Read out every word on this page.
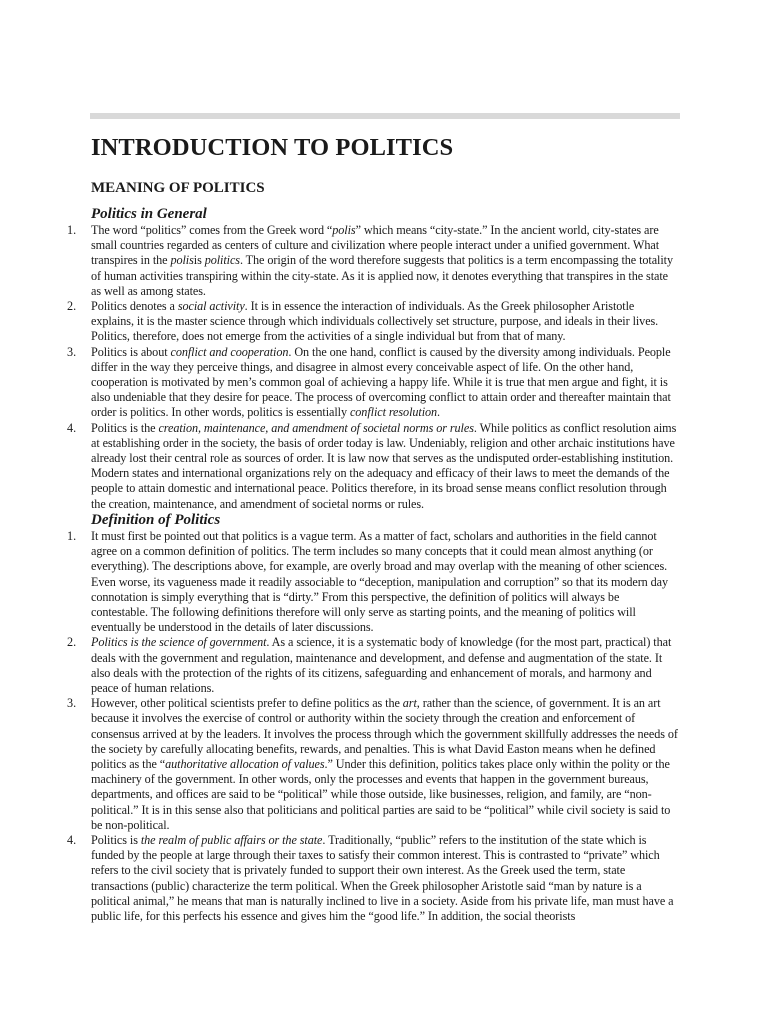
INTRODUCTION TO POLITICS
MEANING OF POLITICS
Politics in General
1. The word “politics” comes from the Greek word “polis” which means “city-state.” In the ancient world, city-states are small countries regarded as centers of culture and civilization where people interact under a unified government. What transpires in the polisis politics. The origin of the word therefore suggests that politics is a term encompassing the totality of human activities transpiring within the city-state. As it is applied now, it denotes everything that transpires in the state as well as among states.
2. Politics denotes a social activity. It is in essence the interaction of individuals. As the Greek philosopher Aristotle explains, it is the master science through which individuals collectively set structure, purpose, and ideals in their lives. Politics, therefore, does not emerge from the activities of a single individual but from that of many.
3. Politics is about conflict and cooperation. On the one hand, conflict is caused by the diversity among individuals. People differ in the way they perceive things, and disagree in almost every conceivable aspect of life. On the other hand, cooperation is motivated by men’s common goal of achieving a happy life. While it is true that men argue and fight, it is also undeniable that they desire for peace. The process of overcoming conflict to attain order and thereafter maintain that order is politics. In other words, politics is essentially conflict resolution.
4. Politics is the creation, maintenance, and amendment of societal norms or rules. While politics as conflict resolution aims at establishing order in the society, the basis of order today is law. Undeniably, religion and other archaic institutions have already lost their central role as sources of order. It is law now that serves as the undisputed order-establishing institution. Modern states and international organizations rely on the adequacy and efficacy of their laws to meet the demands of the people to attain domestic and international peace. Politics therefore, in its broad sense means conflict resolution through the creation, maintenance, and amendment of societal norms or rules.
Definition of Politics
1. It must first be pointed out that politics is a vague term. As a matter of fact, scholars and authorities in the field cannot agree on a common definition of politics. The term includes so many concepts that it could mean almost anything (or everything). The descriptions above, for example, are overly broad and may overlap with the meaning of other sciences. Even worse, its vagueness made it readily associable to “deception, manipulation and corruption” so that its modern day connotation is simply everything that is “dirty.” From this perspective, the definition of politics will always be contestable. The following definitions therefore will only serve as starting points, and the meaning of politics will eventually be understood in the details of later discussions.
2. Politics is the science of government. As a science, it is a systematic body of knowledge (for the most part, practical) that deals with the government and regulation, maintenance and development, and defense and augmentation of the state. It also deals with the protection of the rights of its citizens, safeguarding and enhancement of morals, and harmony and peace of human relations.
3. However, other political scientists prefer to define politics as the art, rather than the science, of government. It is an art because it involves the exercise of control or authority within the society through the creation and enforcement of consensus arrived at by the leaders. It involves the process through which the government skillfully addresses the needs of the society by carefully allocating benefits, rewards, and penalties. This is what David Easton means when he defined politics as the “authoritative allocation of values.” Under this definition, politics takes place only within the polity or the machinery of the government. In other words, only the processes and events that happen in the government bureaus, departments, and offices are said to be “political” while those outside, like businesses, religion, and family, are “non-political.” It is in this sense also that politicians and political parties are said to be “political” while civil society is said to be non-political.
4. Politics is the realm of public affairs or the state. Traditionally, “public” refers to the institution of the state which is funded by the people at large through their taxes to satisfy their common interest. This is contrasted to “private” which refers to the civil society that is privately funded to support their own interest. As the Greek used the term, state transactions (public) characterize the term political. When the Greek philosopher Aristotle said “man by nature is a political animal,” he means that man is naturally inclined to live in a society. Aside from his private life, man must have a public life, for this perfects his essence and gives him the “good life.” In addition, the social theorists
